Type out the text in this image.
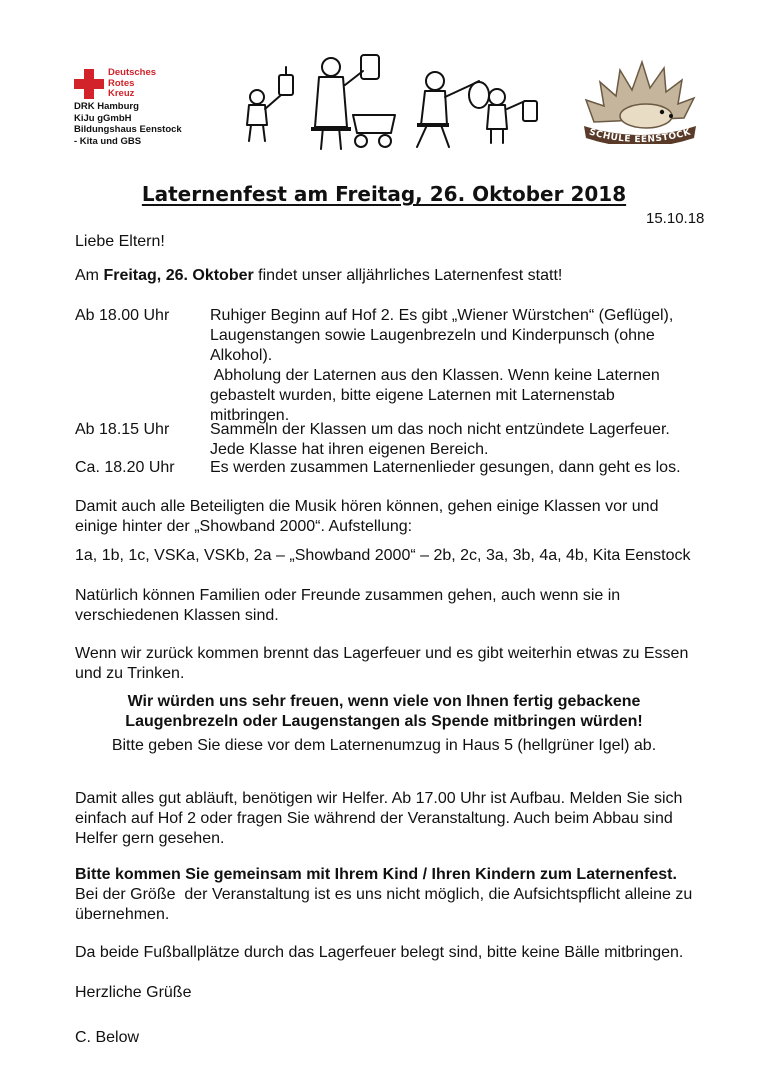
Deutsches
Rotes
Kreuz
DRK Hamburg
KiJu gGmbH
Bildungshaus Eenstock
- Kita und GBS
SCHULE EENSTOCK
Laternenfest am Freitag, 26. Oktober 2018
15.10.18

Liebe Eltern!

Am Freitag, 26. Oktober findet unser alljährliches Laternenfest statt!

Ab 18.00 Uhr	Ruhiger Beginn auf Hof 2. Es gibt „Wiener Würstchen“ (Geflügel),
Laugenstangen sowie Laugenbrezeln und Kinderpunsch (ohne
Alkohol).
Abholung der Laternen aus den Klassen. Wenn keine Laternen
gebastelt wurden, bitte eigene Laternen mit Laternenstab
mitbringen.
Ab 18.15 Uhr	Sammeln der Klassen um das noch nicht entzündete Lagerfeuer.
Jede Klasse hat ihren eigenen Bereich.
Ca. 18.20 Uhr Es werden zusammen Laternenlieder gesungen, dann geht es los.
Damit auch alle Beteiligten die Musik hören können, gehen einige Klassen vor und
einige hinter der „Showband 2000“. Aufstellung:

1a, 1b, 1c, VSKa, VSKb, 2a – „Showband 2000“ – 2b, 2c, 3a, 3b, 4a, 4b, Kita Eenstock

Natürlich können Familien oder Freunde zusammen gehen, auch wenn sie in
verschiedenen Klassen sind.
Wenn wir zurück kommen brennt das Lagerfeuer und es gibt weiterhin etwas zu Essen
und zu Trinken.
Wir würden uns sehr freuen, wenn viele von Ihnen fertig gebackene
Laugenbrezeln oder Laugenstangen als Spende mitbringen würden!
Bitte geben Sie diese vor dem Laternenumzug in Haus 5 (hellgrüner Igel) ab.
Damit alles gut abläuft, benötigen wir Helfer. Ab 17.00 Uhr ist Aufbau. Melden Sie sich
einfach auf Hof 2 oder fragen Sie während der Veranstaltung. Auch beim Abbau sind
Helfer gern gesehen.
Bitte kommen Sie gemeinsam mit Ihrem Kind / Ihren Kindern zum Laternenfest.
Bei der Größe  der Veranstaltung ist es uns nicht möglich, die Aufsichtspflicht alleine zu
übernehmen.

Da beide Fußballplätze durch das Lagerfeuer belegt sind, bitte keine Bälle mitbringen.

Herzliche Grüße

C. Below
